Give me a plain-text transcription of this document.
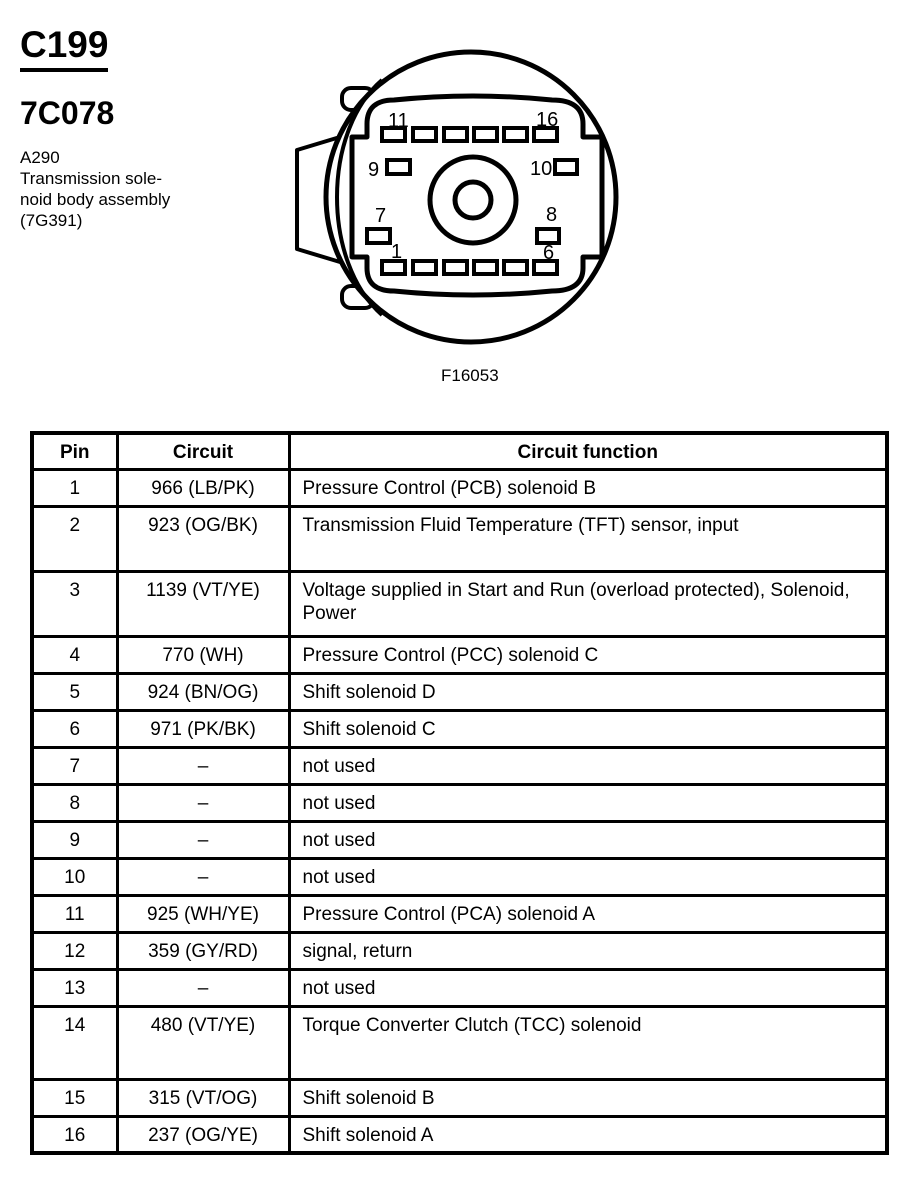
C199
7C078
A290
Transmission sole-
noid body assembly
(7G391)
11	16
9	10
7	8
1	6
F16053
Pin	Circuit	Circuit function
1	966 (LB/PK)	Pressure Control (PCB) solenoid B
2	923 (OG/BK)	Transmission Fluid Temperature (TFT) sensor, input
3	1139 (VT/YE)	Voltage supplied in Start and Run (overload protected), Solenoid, Power
4	770 (WH)	Pressure Control (PCC) solenoid C
5	924 (BN/OG)	Shift solenoid D
6	971 (PK/BK)	Shift solenoid C
7	–	not used
8	–	not used
9	–	not used
10	–	not used
11	925 (WH/YE)	Pressure Control (PCA) solenoid A
12	359 (GY/RD)	signal, return
13	–	not used
14	480 (VT/YE)	Torque Converter Clutch (TCC) solenoid
15	315 (VT/OG)	Shift solenoid B
16	237 (OG/YE)	Shift solenoid A
